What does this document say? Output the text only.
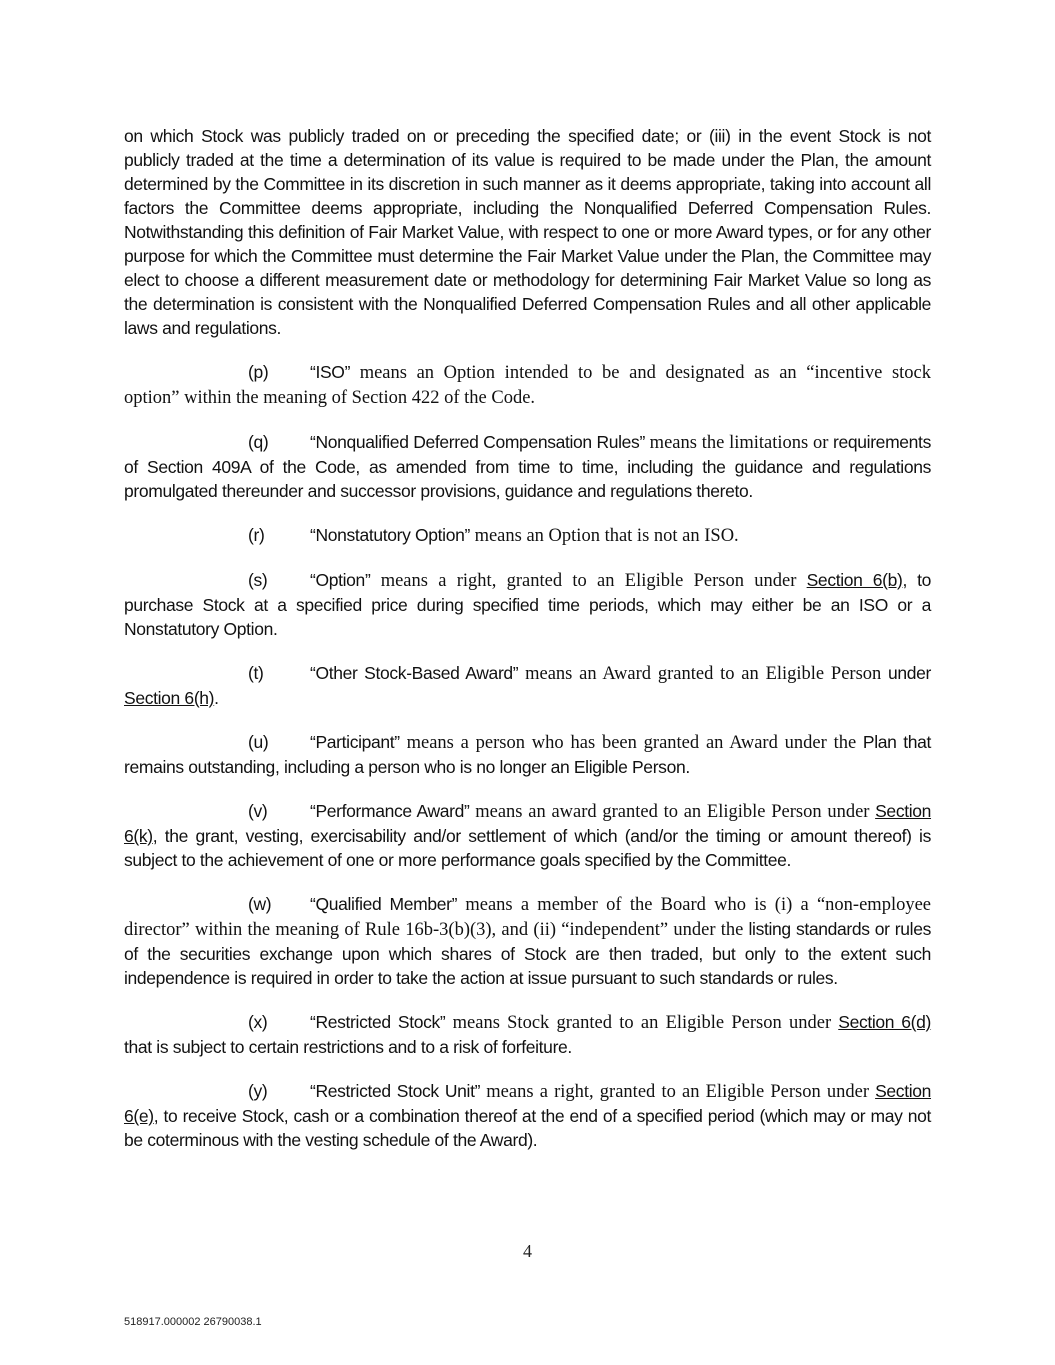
on which Stock was publicly traded on or preceding the specified date; or (iii) in the event Stock is not publicly traded at the time a determination of its value is required to be made under the Plan, the amount determined by the Committee in its discretion in such manner as it deems appropriate, taking into account all factors the Committee deems appropriate, including the Nonqualified Deferred Compensation Rules. Notwithstanding this definition of Fair Market Value, with respect to one or more Award types, or for any other purpose for which the Committee must determine the Fair Market Value under the Plan, the Committee may elect to choose a different measurement date or methodology for determining Fair Market Value so long as the determination is consistent with the Nonqualified Deferred Compensation Rules and all other applicable laws and regulations.

(p) “ISO” means an Option intended to be and designated as an “incentive stock option” within the meaning of Section 422 of the Code.

(q) “Nonqualified Deferred Compensation Rules” means the limitations or requirements of Section 409A of the Code, as amended from time to time, including the guidance and regulations promulgated thereunder and successor provisions, guidance and regulations thereto.

(r)	“Nonstatutory Option” means an Option that is not an ISO.

(s) “Option” means a right, granted to an Eligible Person under Section 6(b), to purchase Stock at a specified price during specified time periods, which may either be an ISO or a Nonstatutory Option.

(t)	“Other Stock-Based Award” means an Award granted to an Eligible Person under Section 6(h).

(u) “Participant” means a person who has been granted an Award under the Plan that remains outstanding, including a person who is no longer an Eligible Person.

(v) “Performance Award” means an award granted to an Eligible Person under Section 6(k), the grant, vesting, exercisability and/or settlement of which (and/or the timing or amount thereof) is subject to the achievement of one or more performance goals specified by the Committee.

(w) “Qualified Member” means a member of the Board who is (i) a “non-employee director” within the meaning of Rule 16b-3(b)(3), and (ii) “independent” under the listing standards or rules of the securities exchange upon which shares of Stock are then traded, but only to the extent such independence is required in order to take the action at issue pursuant to such standards or rules.

(x) “Restricted Stock” means Stock granted to an Eligible Person under Section 6(d) that is subject to certain restrictions and to a risk of forfeiture.

(y) “Restricted Stock Unit” means a right, granted to an Eligible Person under Section 6(e), to receive Stock, cash or a combination thereof at the end of a specified period (which may or may not be coterminous with the vesting schedule of the Award).

4
518917.000002 26790038.1
